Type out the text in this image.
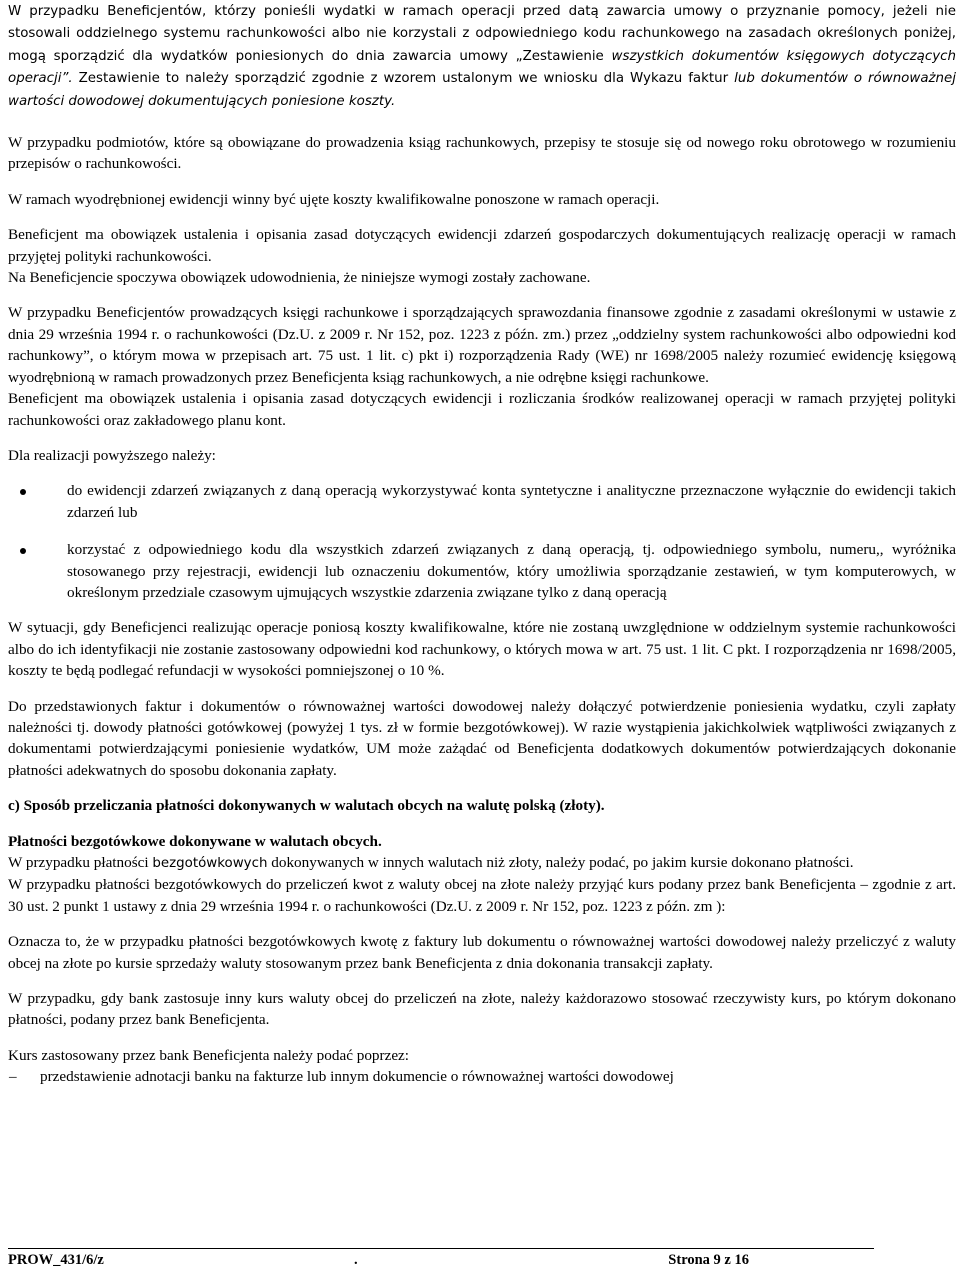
W przypadku Beneficjentów, którzy ponieśli wydatki w ramach operacji przed datą zawarcia umowy o przyznanie pomocy, jeżeli nie stosowali oddzielnego systemu rachunkowości albo nie korzystali z odpowiedniego kodu rachunkowego na zasadach określonych poniżej, mogą sporządzić dla wydatków poniesionych do dnia zawarcia umowy „Zestawienie wszystkich dokumentów księgowych dotyczących operacji”. Zestawienie to należy sporządzić zgodnie z wzorem ustalonym we wniosku dla Wykazu faktur lub dokumentów o równoważnej wartości dowodowej dokumentujących poniesione koszty.

W przypadku podmiotów, które są obowiązane do prowadzenia ksiąg rachunkowych, przepisy te stosuje się od nowego roku obrotowego w rozumieniu przepisów o rachunkowości.

W ramach wyodrębnionej ewidencji winny być ujęte koszty kwalifikowalne ponoszone w ramach operacji.

Beneficjent ma obowiązek ustalenia i opisania zasad dotyczących ewidencji zdarzeń gospodarczych dokumentujących realizację operacji w ramach przyjętej polityki rachunkowości.

Na Beneficjencie spoczywa obowiązek udowodnienia, że niniejsze wymogi zostały zachowane.

W przypadku Beneficjentów prowadzących księgi rachunkowe i sporządzających sprawozdania finansowe zgodnie z zasadami określonymi w ustawie z dnia 29 września 1994 r. o rachunkowości (Dz.U. z 2009 r. Nr 152, poz. 1223 z późn. zm.) przez „oddzielny system rachunkowości albo odpowiedni kod rachunkowy”, o którym mowa w przepisach art. 75 ust. 1 lit. c) pkt i) rozporządzenia Rady (WE) nr 1698/2005 należy rozumieć ewidencję księgową wyodrębnioną w ramach prowadzonych przez Beneficjenta ksiąg rachunkowych, a nie odrębne księgi rachunkowe.

Beneficjent ma obowiązek ustalenia i opisania zasad dotyczących ewidencji i rozliczania środków realizowanej operacji w ramach przyjętej polityki rachunkowości oraz zakładowego planu kont.

Dla realizacji powyższego należy:

do ewidencji zdarzeń związanych z daną operacją wykorzystywać konta syntetyczne i analityczne przeznaczone wyłącznie do ewidencji takich zdarzeń lub
korzystać z odpowiedniego kodu dla wszystkich zdarzeń związanych z daną operacją, tj. odpowiedniego symbolu, numeru,, wyróżnika stosowanego przy rejestracji, ewidencji lub oznaczeniu dokumentów, który umożliwia sporządzanie zestawień, w tym komputerowych, w określonym przedziale czasowym ujmujących wszystkie zdarzenia związane tylko z daną operacją

W sytuacji, gdy Beneficjenci realizując operacje poniosą koszty kwalifikowalne, które nie zostaną uwzględnione w oddzielnym systemie rachunkowości albo do ich identyfikacji nie zostanie zastosowany odpowiedni kod rachunkowy, o których mowa w art. 75 ust. 1 lit. C pkt. I rozporządzenia nr 1698/2005, koszty te będą podlegać refundacji w wysokości pomniejszonej o 10 %.

Do przedstawionych faktur i dokumentów o równoważnej wartości dowodowej należy dołączyć potwierdzenie poniesienia wydatku, czyli zapłaty należności tj. dowody płatności gotówkowej (powyżej 1 tys. zł w formie bezgotówkowej). W razie wystąpienia jakichkolwiek wątpliwości związanych z dokumentami potwierdzającymi poniesienie wydatków, UM może zażądać od Beneficjenta dodatkowych dokumentów potwierdzających dokonanie płatności adekwatnych do sposobu dokonania zapłaty.

c) Sposób przeliczania płatności dokonywanych w walutach obcych na walutę polską (złoty).

Płatności bezgotówkowe dokonywane w walutach obcych.

W przypadku płatności bezgotówkowych dokonywanych w innych walutach niż złoty, należy podać, po jakim kursie dokonano płatności.

W przypadku płatności bezgotówkowych do przeliczeń kwot z waluty obcej na złote należy przyjąć kurs podany przez bank Beneficjenta – zgodnie z art. 30 ust. 2 punkt 1 ustawy z dnia 29 września 1994 r. o rachunkowości (Dz.U. z 2009 r. Nr 152, poz. 1223 z późn. zm ):

Oznacza to, że w przypadku płatności bezgotówkowych kwotę z faktury lub dokumentu o równoważnej wartości dowodowej należy przeliczyć z waluty obcej na złote po kursie sprzedaży waluty stosowanym przez bank Beneficjenta z dnia dokonania transakcji zapłaty.

W przypadku, gdy bank zastosuje inny kurs waluty obcej do przeliczeń na złote, należy każdorazowo stosować rzeczywisty kurs, po którym dokonano płatności, podany przez bank Beneficjenta.

Kurs zastosowany przez bank Beneficjenta należy podać poprzez:

– przedstawienie adnotacji banku na fakturze lub innym dokumencie o równoważnej wartości dowodowej
PROW_431/6/z	.	Strona 9 z 16
